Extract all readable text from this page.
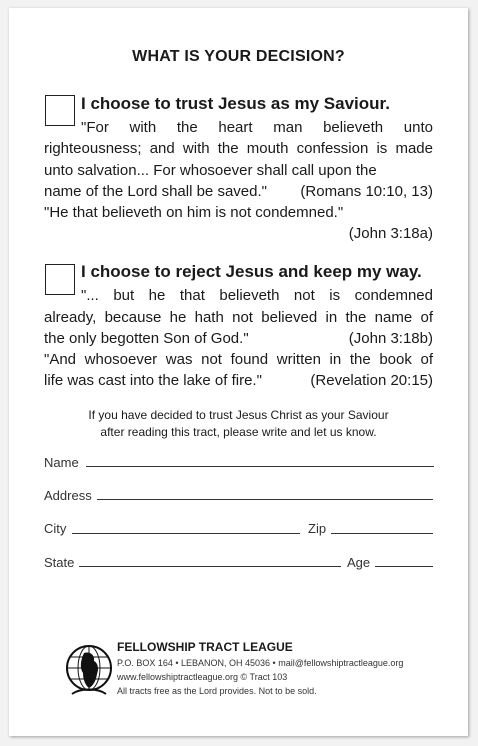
WHAT IS YOUR DECISION?
I choose to trust Jesus as my Saviour.

"For with the heart man believeth unto

righteousness; and with the mouth confession is made unto salvation... For whosoever shall call upon the

name of the Lord shall be saved." (Romans 10:10, 13)

"He that believeth on him is not condemned."

(John 3:18a)

I choose to reject Jesus and keep my way.

"... but he that believeth not is condemned

already, because he hath not believed in the name of

the only begotten Son of God."	(John 3:18b)

"And whosoever was not found written in the book of

life was cast into the lake of fire."	(Revelation 20:15)

If you have decided to trust Jesus Christ as your Saviour
after reading this tract, please write and let us know.
Name
Address
City	Zip
State	Age
FELLOWSHIP TRACT LEAGUE
P.O. BOX 164 • LEBANON, OH 45036 • mail@fellowshiptractleague.org
www.fellowshiptractleague.org © Tract 103
All tracts free as the Lord provides. Not to be sold.
